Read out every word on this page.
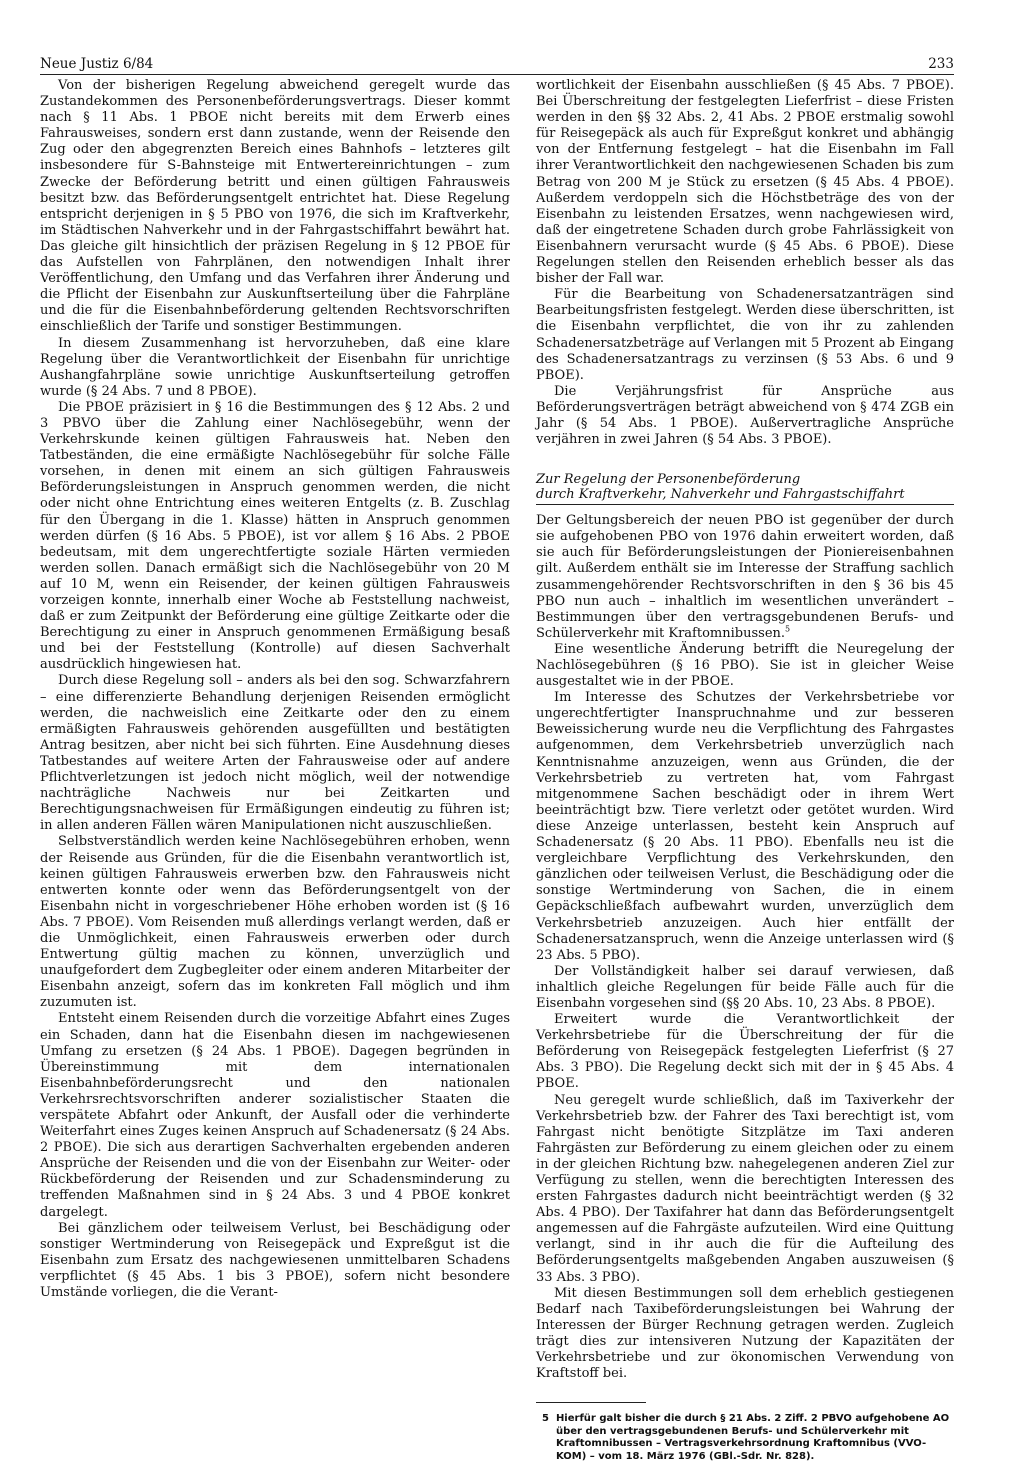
Neue Justiz 6/84	233

Von der bisherigen Regelung abweichend geregelt wurde das Zustandekommen des Personenbeförderungsvertrags. Dieser kommt nach § 11 Abs. 1 PBOE nicht bereits mit dem Erwerb eines Fahrausweises, sondern erst dann zustande, wenn der Reisende den Zug oder den abgegrenzten Bereich eines Bahnhofs – letzteres gilt insbesondere für S-Bahnsteige mit Entwertereinrichtungen – zum Zwecke der Beförderung betritt und einen gültigen Fahrausweis besitzt bzw. das Beförderungsentgelt entrichtet hat. Diese Regelung entspricht derjenigen in § 5 PBO von 1976, die sich im Kraftverkehr, im Städtischen Nahverkehr und in der Fahrgastschiffahrt bewährt hat. Das gleiche gilt hinsichtlich der präzisen Regelung in § 12 PBOE für das Aufstellen von Fahrplänen, den notwendigen Inhalt ihrer Veröffentlichung, den Umfang und das Verfahren ihrer Änderung und die Pflicht der Eisenbahn zur Auskunftserteilung über die Fahrpläne und die für die Eisenbahnbeförderung geltenden Rechtsvorschriften einschließlich der Tarife und sonstiger Bestimmungen.

In diesem Zusammenhang ist hervorzuheben, daß eine klare Regelung über die Verantwortlichkeit der Eisenbahn für unrichtige Aushangfahrpläne sowie unrichtige Auskunftserteilung getroffen wurde (§ 24 Abs. 7 und 8 PBOE).

Die PBOE präzisiert in § 16 die Bestimmungen des § 12 Abs. 2 und 3 PBVO über die Zahlung einer Nachlösegebühr, wenn der Verkehrskunde keinen gültigen Fahrausweis hat. Neben den Tatbeständen, die eine ermäßigte Nachlösegebühr für solche Fälle vorsehen, in denen mit einem an sich gültigen Fahrausweis Beförderungsleistungen in Anspruch genommen werden, die nicht oder nicht ohne Entrichtung eines weiteren Entgelts (z. B. Zuschlag für den Übergang in die 1. Klasse) hätten in Anspruch genommen werden dürfen (§ 16 Abs. 5 PBOE), ist vor allem § 16 Abs. 2 PBOE bedeutsam, mit dem ungerechtfertigte soziale Härten vermieden werden sollen. Danach ermäßigt sich die Nachlösegebühr von 20 M auf 10 M, wenn ein Reisender, der keinen gültigen Fahrausweis vorzeigen konnte, innerhalb einer Woche ab Feststellung nachweist, daß er zum Zeitpunkt der Beförderung eine gültige Zeitkarte oder die Berechtigung zu einer in Anspruch genommenen Ermäßigung besaß und bei der Feststellung (Kontrolle) auf diesen Sachverhalt ausdrücklich hingewiesen hat.

Durch diese Regelung soll – anders als bei den sog. Schwarzfahrern – eine differenzierte Behandlung derjenigen Reisenden ermöglicht werden, die nachweislich eine Zeitkarte oder den zu einem ermäßigten Fahrausweis gehörenden ausgefüllten und bestätigten Antrag besitzen, aber nicht bei sich führten. Eine Ausdehnung dieses Tatbestandes auf weitere Arten der Fahrausweise oder auf andere Pflichtverletzungen ist jedoch nicht möglich, weil der notwendige nachträgliche Nachweis nur bei Zeitkarten und Berechtigungsnachweisen für Ermäßigungen eindeutig zu führen ist; in allen anderen Fällen wären Manipulationen nicht auszuschließen.

Selbstverständlich werden keine Nachlösegebühren erhoben, wenn der Reisende aus Gründen, für die die Eisenbahn verantwortlich ist, keinen gültigen Fahrausweis erwerben bzw. den Fahrausweis nicht entwerten konnte oder wenn das Beförderungsentgelt von der Eisenbahn nicht in vorgeschriebener Höhe erhoben worden ist (§ 16 Abs. 7 PBOE). Vom Reisenden muß allerdings verlangt werden, daß er die Unmöglichkeit, einen Fahrausweis erwerben oder durch Entwertung gültig machen zu können, unverzüglich und unaufgefordert dem Zugbegleiter oder einem anderen Mitarbeiter der Eisenbahn anzeigt, sofern das im konkreten Fall möglich und ihm zuzumuten ist.

Entsteht einem Reisenden durch die vorzeitige Abfahrt eines Zuges ein Schaden, dann hat die Eisenbahn diesen im nachgewiesenen Umfang zu ersetzen (§ 24 Abs. 1 PBOE). Dagegen begründen in Übereinstimmung mit dem internationalen Eisenbahnbeförderungsrecht und den nationalen Verkehrsrechtsvorschriften anderer sozialistischer Staaten die verspätete Abfahrt oder Ankunft, der Ausfall oder die verhinderte Weiterfahrt eines Zuges keinen Anspruch auf Schadenersatz (§ 24 Abs. 2 PBOE). Die sich aus derartigen Sachverhalten ergebenden anderen Ansprüche der Reisenden und die von der Eisenbahn zur Weiter- oder Rückbeförderung der Reisenden und zur Schadensminderung zu treffenden Maßnahmen sind in § 24 Abs. 3 und 4 PBOE konkret dargelegt.

Bei gänzlichem oder teilweisem Verlust, bei Beschädigung oder sonstiger Wertminderung von Reisegepäck und Expreßgut ist die Eisenbahn zum Ersatz des nachgewiesenen unmittelbaren Schadens verpflichtet (§ 45 Abs. 1 bis 3 PBOE), sofern nicht besondere Umstände vorliegen, die die Verant-

wortlichkeit der Eisenbahn ausschließen (§ 45 Abs. 7 PBOE). Bei Überschreitung der festgelegten Lieferfrist – diese Fristen werden in den §§ 32 Abs. 2, 41 Abs. 2 PBOE erstmalig sowohl für Reisegepäck als auch für Expreßgut konkret und abhängig von der Entfernung festgelegt – hat die Eisenbahn im Fall ihrer Verantwortlichkeit den nachgewiesenen Schaden bis zum Betrag von 200 M je Stück zu ersetzen (§ 45 Abs. 4 PBOE). Außerdem verdoppeln sich die Höchstbeträge des von der Eisenbahn zu leistenden Ersatzes, wenn nachgewiesen wird, daß der eingetretene Schaden durch grobe Fahrlässigkeit von Eisenbahnern verursacht wurde (§ 45 Abs. 6 PBOE). Diese Regelungen stellen den Reisenden erheblich besser als das bisher der Fall war.

Für die Bearbeitung von Schadenersatzanträgen sind Bearbeitungsfristen festgelegt. Werden diese überschritten, ist die Eisenbahn verpflichtet, die von ihr zu zahlenden Schadenersatzbeträge auf Verlangen mit 5 Prozent ab Eingang des Schadenersatzantrags zu verzinsen (§ 53 Abs. 6 und 9 PBOE).

Die Verjährungsfrist für Ansprüche aus Beförderungsverträgen beträgt abweichend von § 474 ZGB ein Jahr (§ 54 Abs. 1 PBOE). Außervertragliche Ansprüche verjähren in zwei Jahren (§ 54 Abs. 3 PBOE).

Zur Regelung der Personenbeförderung

durch Kraftverkehr, Nahverkehr und Fahrgastschiffahrt

Der Geltungsbereich der neuen PBO ist gegenüber der durch sie aufgehobenen PBO von 1976 dahin erweitert worden, daß sie auch für Beförderungsleistungen der Pioniereisenbahnen gilt. Außerdem enthält sie im Interesse der Straffung sachlich zusammengehörender Rechtsvorschriften in den § 36 bis 45 PBO nun auch – inhaltlich im wesentlichen unverändert – Bestimmungen über den vertragsgebundenen Berufs- und Schülerverkehr mit Kraftomnibussen.$^5$

Eine wesentliche Änderung betrifft die Neuregelung der Nachlösegebühren (§ 16 PBO). Sie ist in gleicher Weise ausgestaltet wie in der PBOE.

Im Interesse des Schutzes der Verkehrsbetriebe vor ungerechtfertigter Inanspruchnahme und zur besseren Beweissicherung wurde neu die Verpflichtung des Fahrgastes aufgenommen, dem Verkehrsbetrieb unverzüglich nach Kenntnisnahme anzuzeigen, wenn aus Gründen, die der Verkehrsbetrieb zu vertreten hat, vom Fahrgast mitgenommene Sachen beschädigt oder in ihrem Wert beeinträchtigt bzw. Tiere verletzt oder getötet wurden. Wird diese Anzeige unterlassen, besteht kein Anspruch auf Schadenersatz (§ 20 Abs. 11 PBO). Ebenfalls neu ist die vergleichbare Verpflichtung des Verkehrskunden, den gänzlichen oder teilweisen Verlust, die Beschädigung oder die sonstige Wertminderung von Sachen, die in einem Gepäckschließfach aufbewahrt wurden, unverzüglich dem Verkehrsbetrieb anzuzeigen. Auch hier entfällt der Schadenersatzanspruch, wenn die Anzeige unterlassen wird (§ 23 Abs. 5 PBO).

Der Vollständigkeit halber sei darauf verwiesen, daß inhaltlich gleiche Regelungen für beide Fälle auch für die Eisenbahn vorgesehen sind (§§ 20 Abs. 10, 23 Abs. 8 PBOE).

Erweitert wurde die Verantwortlichkeit der Verkehrsbetriebe für die Überschreitung der für die Beförderung von Reisegepäck festgelegten Lieferfrist (§ 27 Abs. 3 PBO). Die Regelung deckt sich mit der in § 45 Abs. 4 PBOE.

Neu geregelt wurde schließlich, daß im Taxiverkehr der Verkehrsbetrieb bzw. der Fahrer des Taxi berechtigt ist, vom Fahrgast nicht benötigte Sitzplätze im Taxi anderen Fahrgästen zur Beförderung zu einem gleichen oder zu einem in der gleichen Richtung bzw. nahegelegenen anderen Ziel zur Verfügung zu stellen, wenn die berechtigten Interessen des ersten Fahrgastes dadurch nicht beeinträchtigt werden (§ 32 Abs. 4 PBO). Der Taxifahrer hat dann das Beförderungsentgelt angemessen auf die Fahrgäste aufzuteilen. Wird eine Quittung verlangt, sind in ihr auch die für die Aufteilung des Beförderungsentgelts maßgebenden Angaben auszuweisen (§ 33 Abs. 3 PBO).

Mit diesen Bestimmungen soll dem erheblich gestiegenen Bedarf nach Taxibeförderungsleistungen bei Wahrung der Interessen der Bürger Rechnung getragen werden. Zugleich trägt dies zur intensiveren Nutzung der Kapazitäten der Verkehrsbetriebe und zur ökonomischen Verwendung von Kraftstoff bei.

5 Hierfür galt bisher die durch § 21 Abs. 2 Ziff. 2 PBVO aufgehobene AO über den vertragsgebundenen Berufs- und Schülerverkehr mit Kraftomnibussen – Vertragsverkehrsordnung Kraftomnibus (VVO-KOM) – vom 18. März 1976 (GBl.-Sdr. Nr. 828).
